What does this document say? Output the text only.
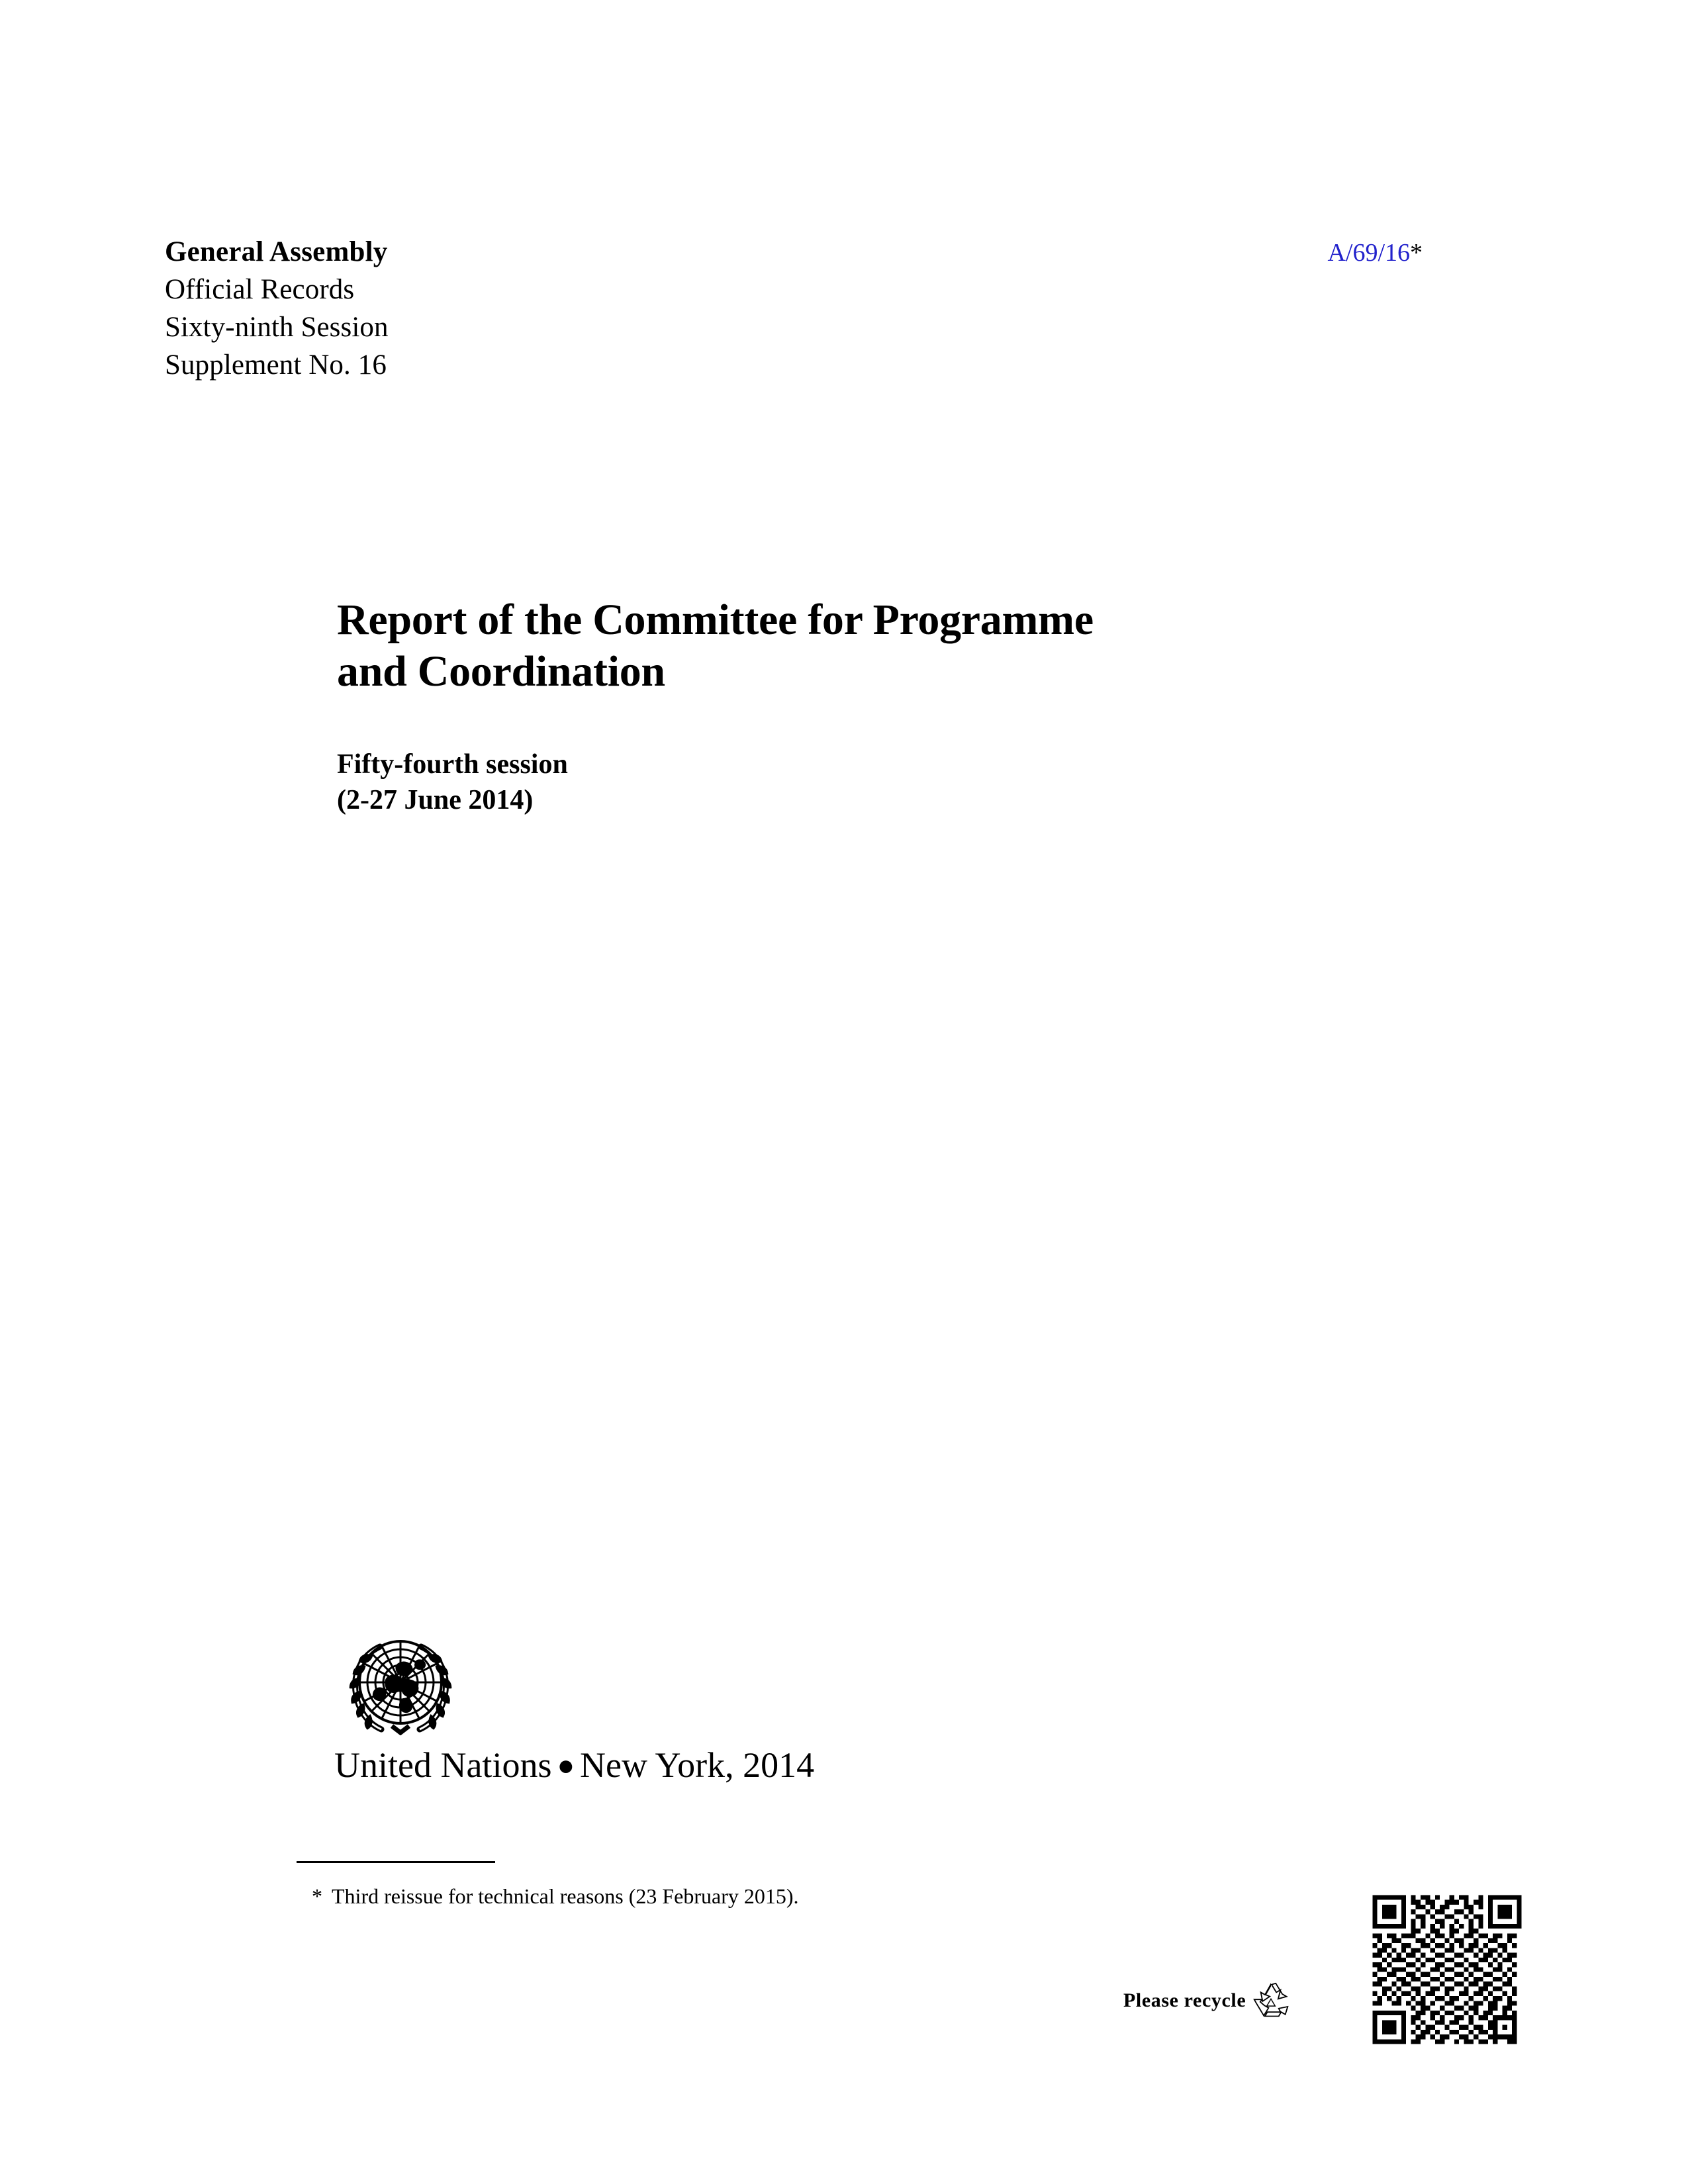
General Assembly	A/69/16*
Official Records
Sixty-ninth Session
Supplement No. 16
Report of the Committee for Programme
and Coordination
Fifty-fourth session
(2-27 June 2014)
United Nations ● New York, 2014
* Third reissue for technical reasons (23 February 2015).
Please recycle
